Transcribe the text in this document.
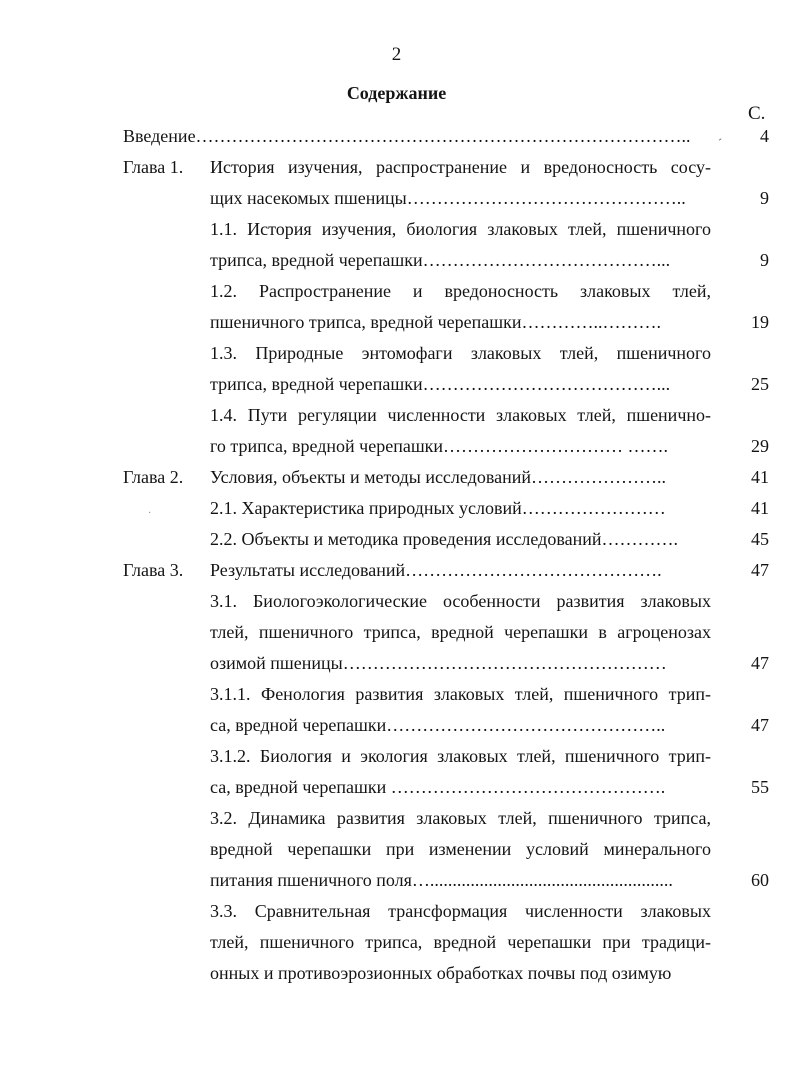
2
Содержание
С.
´
·
Введение………………………………………………………………………..	4
Глава 1. История изучения, распространение и вредоносность сосу-
щих насекомых пшеницы………………………………………..	9
1.1. История изучения, биология злаковых тлей, пшеничного
трипса, вредной черепашки…………………………………...	9
1.2. Распространение и вредоносность злаковых тлей,
пшеничного трипса, вредной черепашки…………..……….	19
1.3. Природные энтомофаги злаковых тлей, пшеничного
трипса, вредной черепашки…………………………………...	25
1.4. Пути регуляции численности злаковых тлей, пшенично-
го трипса, вредной черепашки………………………… …….	29
Глава 2. Условия, объекты и методы исследований…………………..	41
2.1. Характеристика природных условий……………………	41
2.2. Объекты и методика проведения исследований………….	45
Глава 3. Результаты исследований…………………………………….	47
3.1. Биологоэкологические особенности развития злаковых
тлей, пшеничного трипса, вредной черепашки в агроценозах
озимой пшеницы………………………………………………	47
3.1.1. Фенология развития злаковых тлей, пшеничного трип-
са, вредной черепашки………………………………………..	47
3.1.2. Биология и экология злаковых тлей, пшеничного трип-
са, вредной черепашки ……………………………………….	55
3.2. Динамика развития злаковых тлей, пшеничного трипса,
вредной черепашки при изменении условий минерального
питания пшеничного поля…......................................................	60
3.3. Сравнительная трансформация численности злаковых
тлей, пшеничного трипса, вредной черепашки при традици-
онных и противоэрозионных обработках почвы под озимую
